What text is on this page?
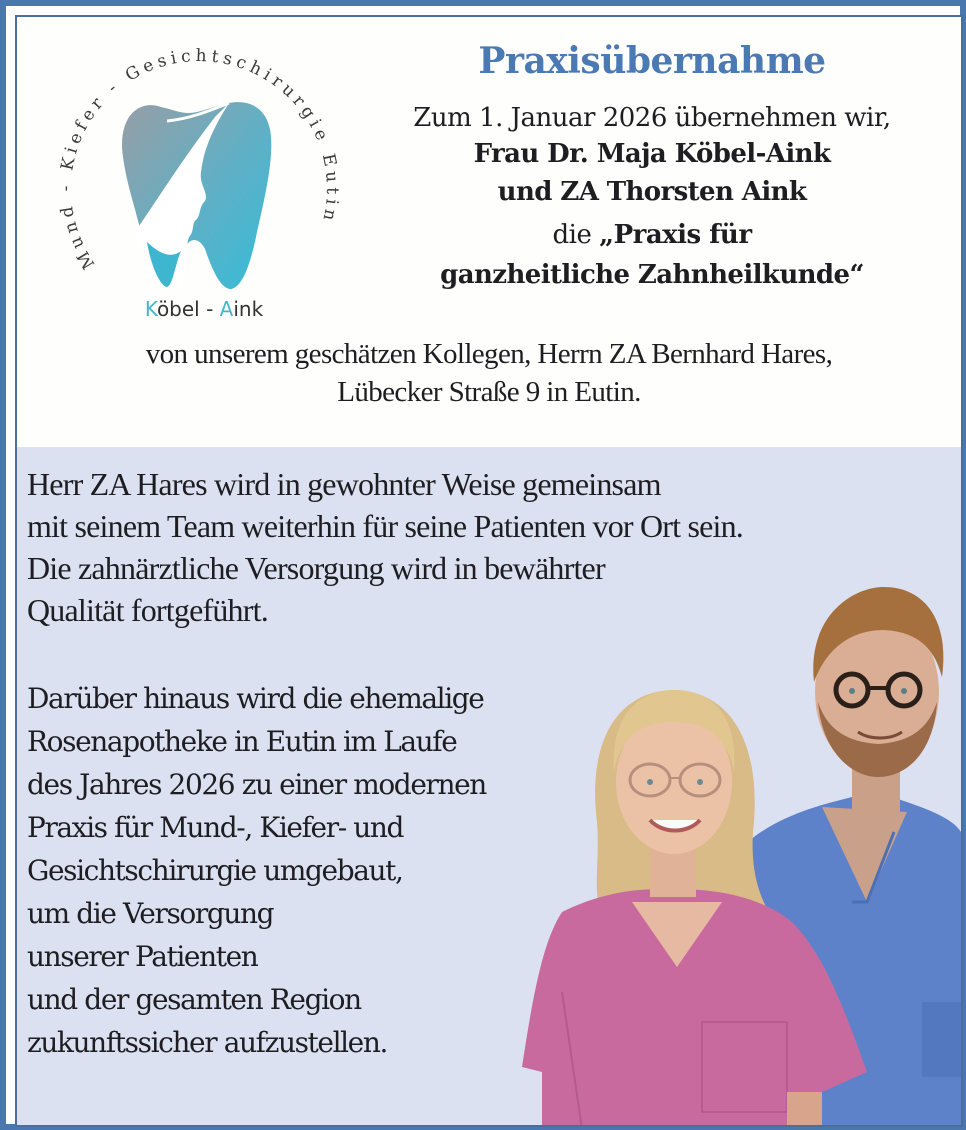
Mund - Kiefer - Gesichtschirurgie Eutin
Köbel - Aink
Praxisübernahme
Zum 1. Januar 2026 übernehmen wir,
Frau Dr. Maja Köbel-Aink
und ZA Thorsten Aink
die „Praxis für
ganzheitliche Zahnheilkunde“
von unserem geschätzen Kollegen, Herrn ZA Bernhard Hares,
Lübecker Straße 9 in Eutin.
Herr ZA Hares wird in gewohnter Weise gemeinsam
mit seinem Team weiterhin für seine Patienten vor Ort sein.
Die zahnärztliche Versorgung wird in bewährter
Qualität fortgeführt.
Darüber hinaus wird die ehemalige
Rosenapotheke in Eutin im Laufe
des Jahres 2026 zu einer modernen
Praxis für Mund-, Kiefer- und
Gesichtschirurgie umgebaut,
um die Versorgung
unserer Patienten
und der gesamten Region
zukunftssicher aufzustellen.
